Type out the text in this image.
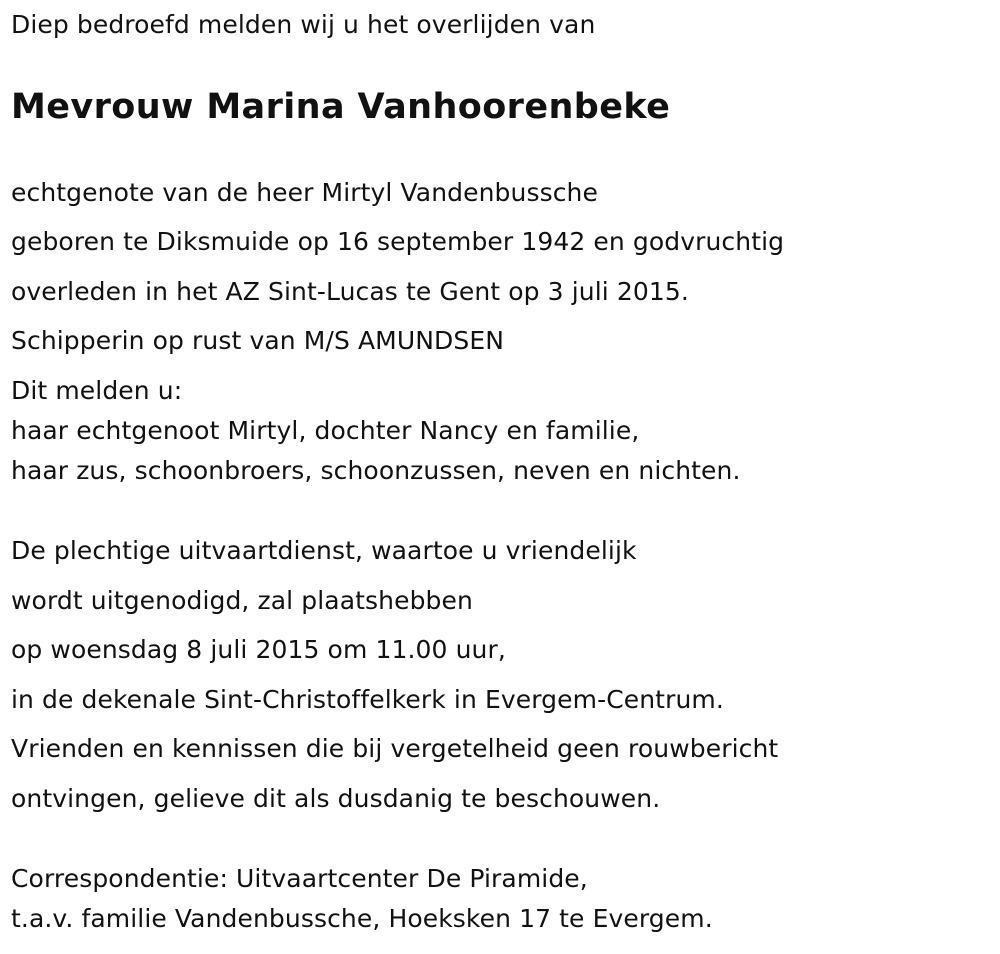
Diep bedroefd melden wij u het overlijden van
Mevrouw Marina Vanhoorenbeke
echtgenote van de heer Mirtyl Vandenbussche
geboren te Diksmuide op 16 september 1942 en godvruchtig
overleden in het AZ Sint-Lucas te Gent op 3 juli 2015.
Schipperin op rust van M/S AMUNDSEN
Dit melden u:
haar echtgenoot Mirtyl, dochter Nancy en familie,
haar zus, schoonbroers, schoonzussen, neven en nichten.
De plechtige uitvaartdienst, waartoe u vriendelijk
wordt uitgenodigd, zal plaatshebben
op woensdag 8 juli 2015 om 11.00 uur,
in de dekenale Sint-Christoffelkerk in Evergem-Centrum.
Vrienden en kennissen die bij vergetelheid geen rouwbericht
ontvingen, gelieve dit als dusdanig te beschouwen.
Correspondentie: Uitvaartcenter De Piramide,
t.a.v. familie Vandenbussche, Hoeksken 17 te Evergem.
